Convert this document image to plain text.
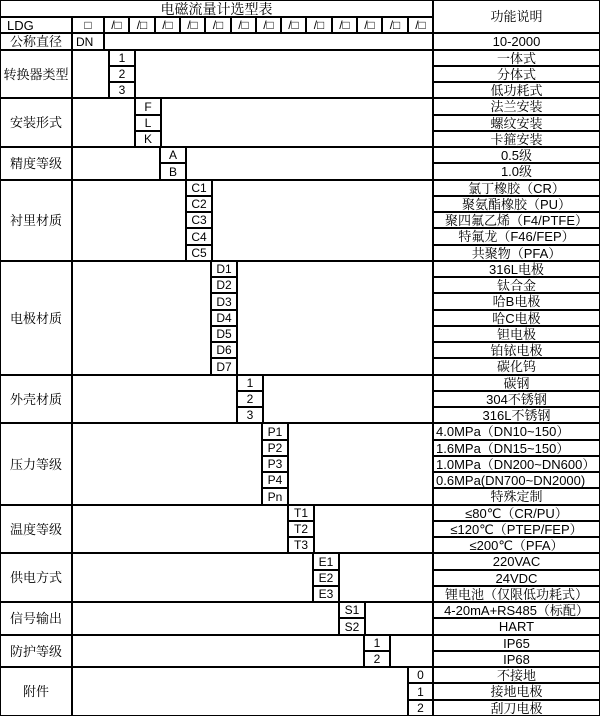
电磁流量计选型表	功能说明
LDG	□	/□	/□	/□	/□	/□	/□	/□	/□	/□	/□	/□	/□	/□
公称直径	DN	10-2000
转换器类型
1	一体式
2	分体式
3	低功耗式
安装形式
F	法兰安装
L	螺纹安装
K	卡箍安装
精度等级
A	0.5级
B	1.0级
衬里材质
C1	氯丁橡胶（CR）
C2	聚氨酯橡胶（PU）
C3	聚四氟乙烯（F4/PTFE）
C4	特氟龙（F46/FEP）
C5	共聚物（PFA）
电极材质
D1	316L电极
D2	钛合金
D3	哈B电极
D4	哈C电极
D5	钽电极
D6	铂铱电极
D7	碳化钨
外壳材质
1	碳钢
2	304不锈钢
3	316L不锈钢
压力等级
P1	4.0MPa（DN10~150）
P2	1.6MPa（DN15~150）
P3	1.0MPa（DN200~DN600）
P4	0.6MPa(DN700~DN2000)
Pn	特殊定制
温度等级
T1	≤80℃（CR/PU）
T2	≤120℃（PTEP/FEP）
T3	≤200℃（PFA）
供电方式
E1	220VAC
E2	24VDC
E3	锂电池（仅限低功耗式）
信号输出
S1	4-20mA+RS485（标配）
S2	HART
防护等级
1	IP65
2	IP68
附件
0	不接地
1	接地电极
2	刮刀电极
